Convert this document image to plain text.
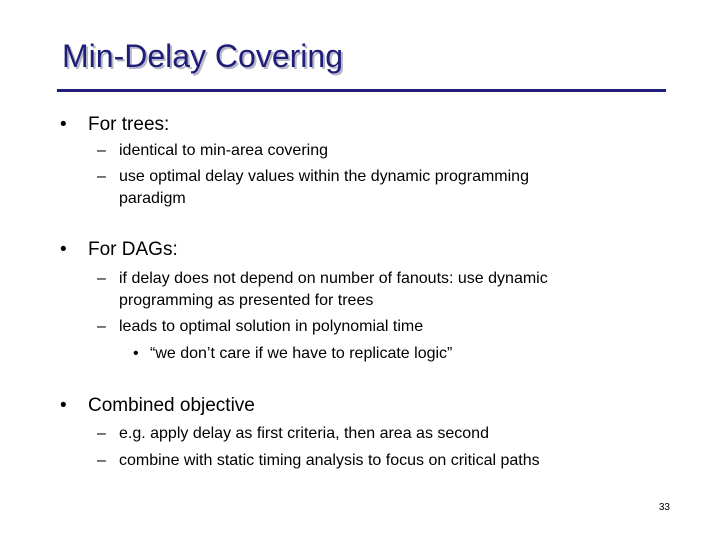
Min-Delay Covering
• For trees:
– identical to min-area covering
– use optimal delay values within the dynamic programming
paradigm
• For DAGs:
– if delay does not depend on number of fanouts: use dynamic
programming as presented for trees
– leads to optimal solution in polynomial time
• “we don’t care if we have to replicate logic”
• Combined objective
– e.g. apply delay as first criteria, then area as second
– combine with static timing analysis to focus on critical paths
33
